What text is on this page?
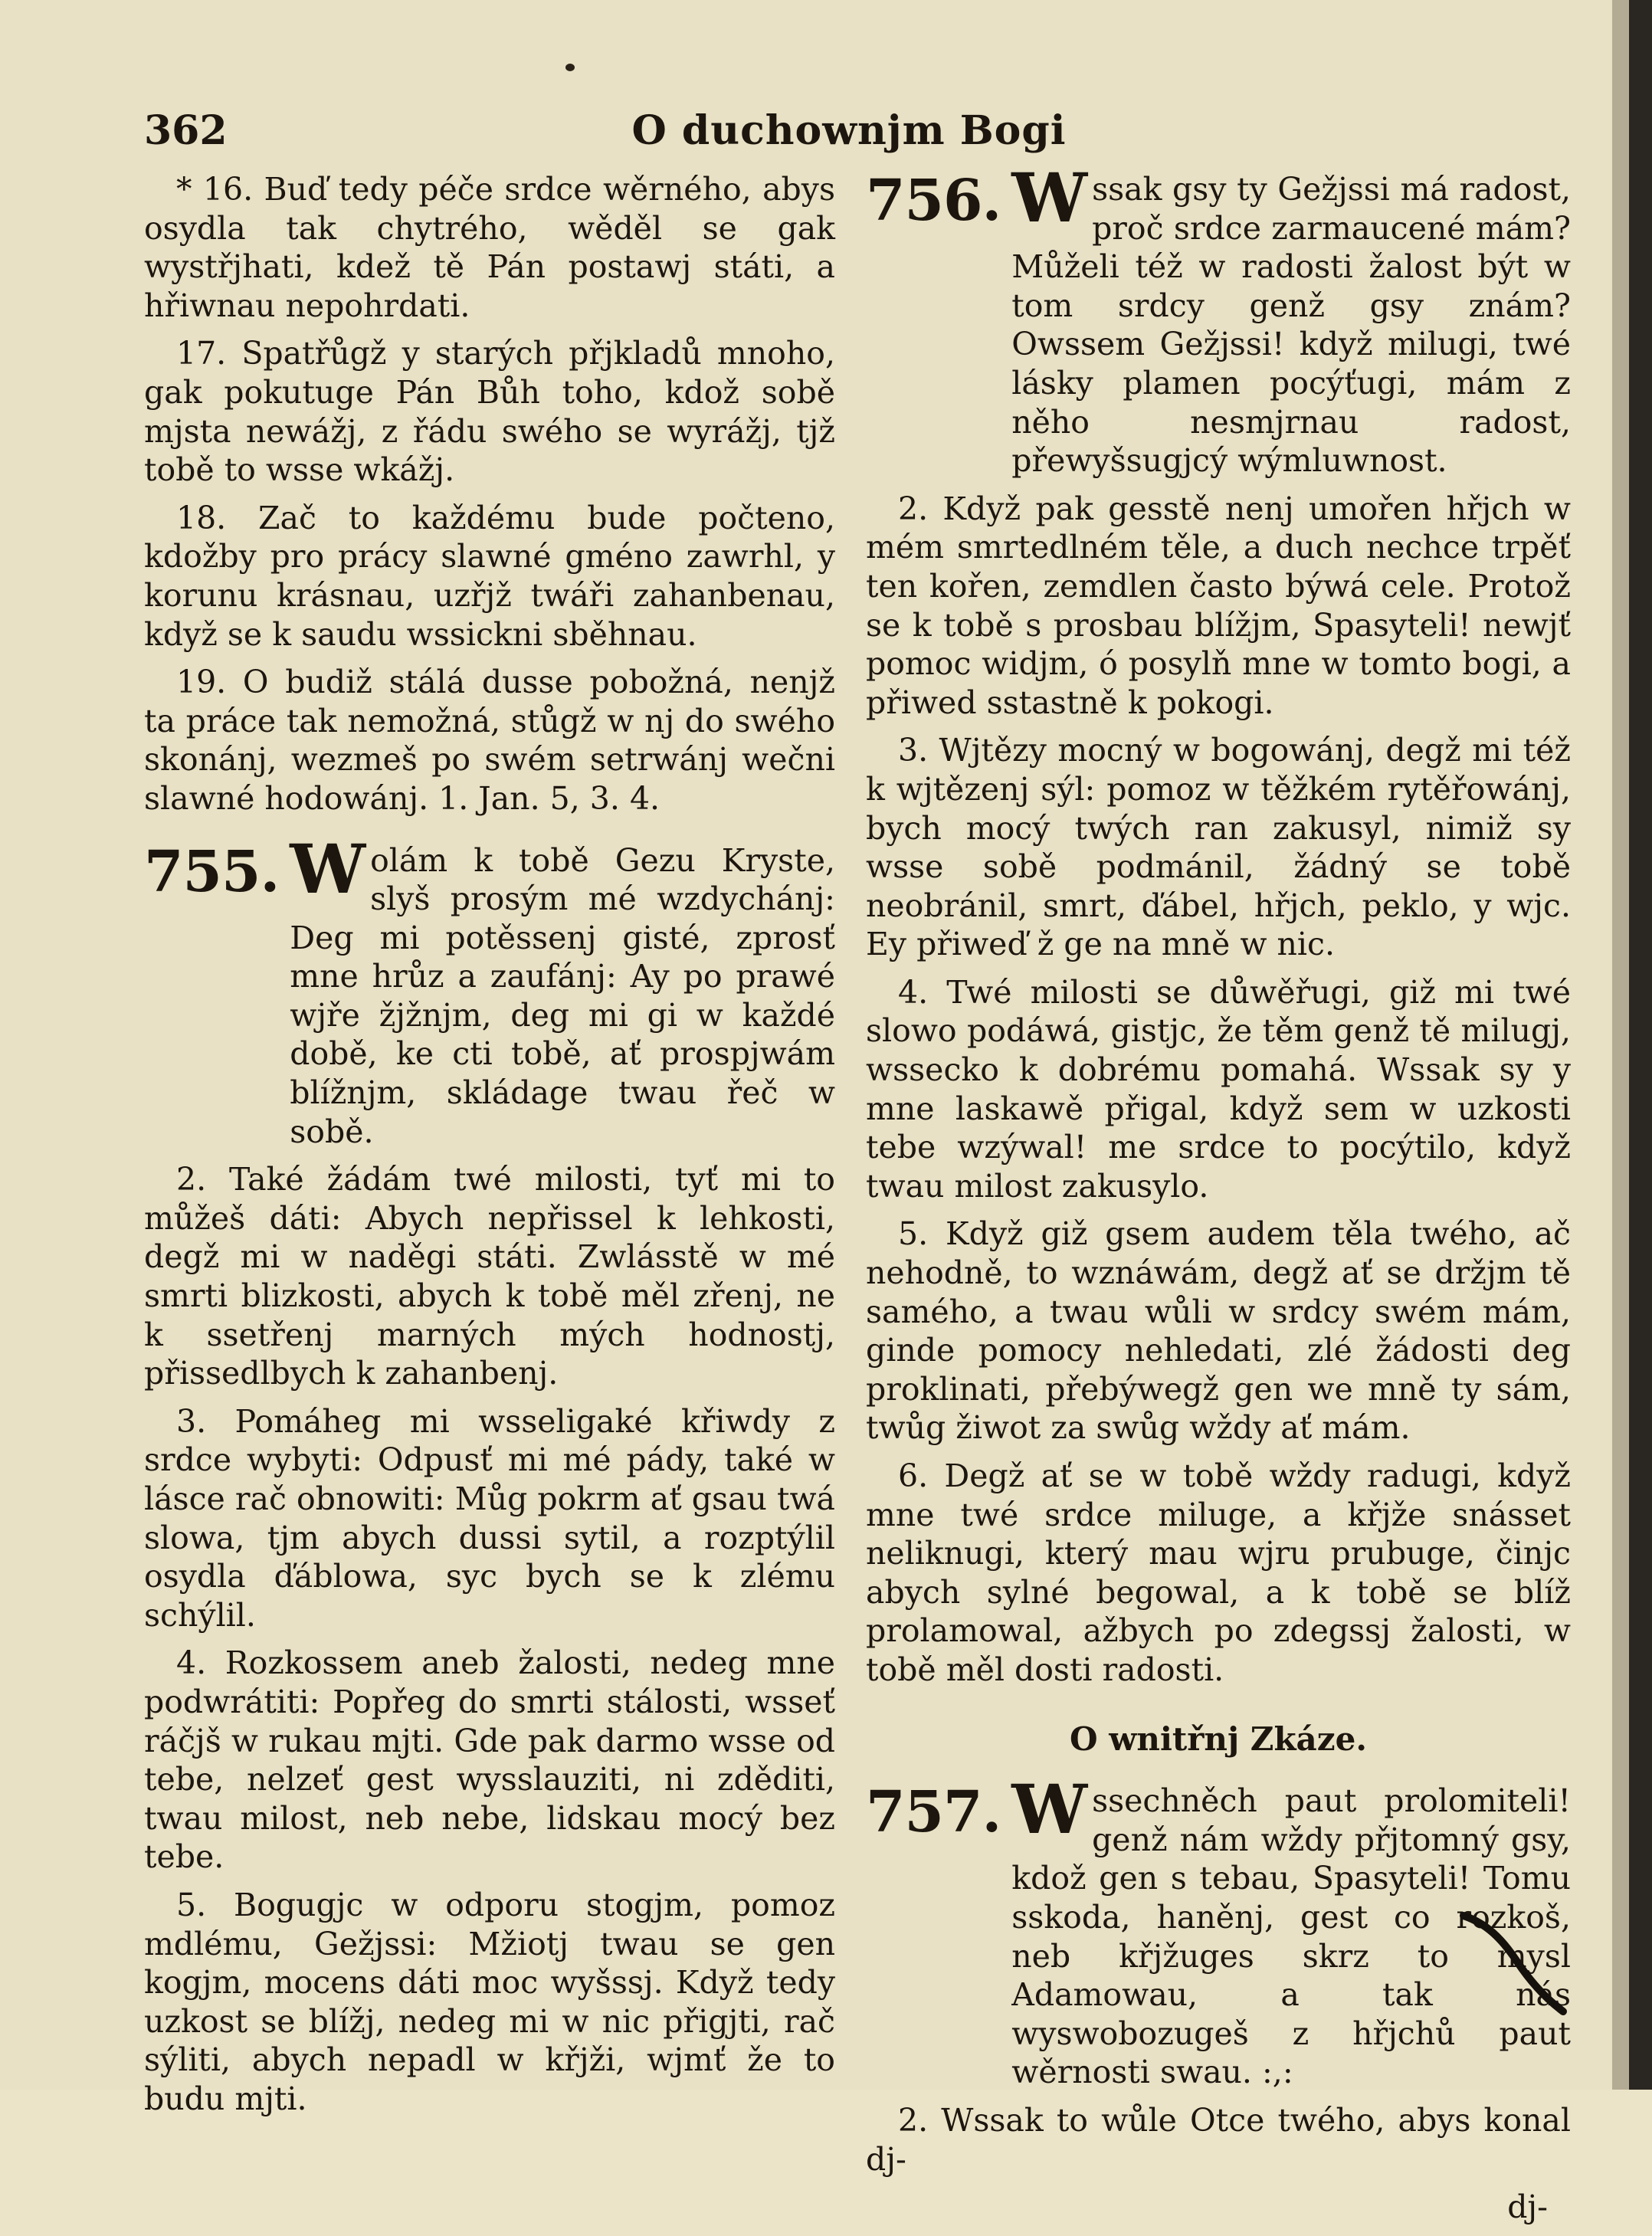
362	O duchownjm Bogi

* 16. Buď tedy péče srdce wěrného, abys osydla tak chytrého, wěděl se gak wystřjhati, kdež tě Pán postawj státi, a hřiwnau nepohrdati.

17. Spatřůgž y starých přjkladů mnoho, gak pokutuge Pán Bůh toho, kdož sobě mjsta newážj, z řádu swého se wyrážj, tjž tobě to wsse wkážj.

18. Zač to každému bude počteno, kdožby pro prácy slawné gméno zawrhl, y korunu krásnau, uzřjž twáři zahanbenau, když se k saudu wssickni sběhnau.

19. O budiž stálá dusse pobožná, nenjž ta práce tak nemožná, stůgž w nj do swého skonánj, wezmeš po swém setrwánj wečni slawné hodowánj. 1. Jan. 5, 3. 4.

755. Wolám k tobě Gezu Kryste, slyš prosým mé wzdychánj: Deg mi potěssenj gisté, zprosť mne hrůz a zaufánj: Ay po prawé wjře žjžnjm, deg mi gi w každé době, ke cti tobě, ať prospjwám blížnjm, skládage twau řeč w sobě.

2. Také žádám twé milosti, tyť mi to můžeš dáti: Abych nepřissel k lehkosti, degž mi w naděgi státi. Zwlásstě w mé smrti blizkosti, abych k tobě měl zřenj, ne k ssetřenj marných mých hodnostj, přissedlbych k zahanbenj.

3. Pomáheg mi wsseligaké křiwdy z srdce wybyti: Odpusť mi mé pády, také w lásce rač obnowiti: Můg pokrm ať gsau twá slowa, tjm abych dussi sytil, a rozptýlil osydla ďáblowa, syc bych se k zlému schýlil.

4. Rozkossem aneb žalosti, nedeg mne podwrátiti: Popřeg do smrti stálosti, wsseť ráčjš w rukau mjti. Gde pak darmo wsse od tebe, nelzeť gest wysslauziti, ni zděditi, twau milost, neb nebe, lidskau mocý bez tebe.

5. Bogugjc w odporu stogjm, pomoz mdlému, Gežjssi: Mžiotj twau se gen kogjm, mocens dáti moc wyšssj. Když tedy uzkost se blížj, nedeg mi w nic přigjti, rač sýliti, abych nepadl w křjži, wjmť že to budu mjti.

756. Wssak gsy ty Gežjssi má radost, proč srdce zarmaucené mám? Můželi též w radosti žalost být w tom srdcy genž gsy znám? Owssem Gežjssi! když milugi, twé lásky plamen pocýťugi, mám z něho nesmjrnau radost, přewyšsugjcý wýmluwnost.

2. Když pak gesstě nenj umořen hřjch w mém smrtedlném těle, a duch nechce trpěť ten kořen, zemdlen často býwá cele. Protož se k tobě s prosbau blížjm, Spasyteli! newjť pomoc widjm, ó posylň mne w tomto bogi, a přiwed sstastně k pokogi.

3. Wjtězy mocný w bogowánj, degž mi též k wjtězenj sýl: pomoz w těžkém rytěřowánj, bych mocý twých ran zakusyl, nimiž sy wsse sobě podmánil, žádný se tobě neobránil, smrt, ďábel, hřjch, peklo, y wjc. Ey přiweď ž ge na mně w nic.

4. Twé milosti se důwěřugi, giž mi twé slowo podáwá, gistjc, že těm genž tě milugj, wssecko k dobrému pomahá. Wssak sy y mne laskawě přigal, když sem w uzkosti tebe wzýwal! me srdce to pocýtilo, když twau milost zakusylo.

5. Když giž gsem audem těla twého, ač nehodně, to wznáwám, degž ať se držjm tě samého, a twau wůli w srdcy swém mám, ginde pomocy nehledati, zlé žádosti deg proklinati, přebýwegž gen we mně ty sám, twůg žiwot za swůg wždy ať mám.

6. Degž ať se w tobě wždy radugi, když mne twé srdce miluge, a křjže snásset neliknugi, který mau wjru prubuge, činjc abych sylné begowal, a k tobě se blíž prolamowal, ažbych po zdegssj žalosti, w tobě měl dosti radosti.

O wnitřnj Zkáze.
757. Wssechněch paut prolomiteli! genž nám wždy přjtomný gsy, kdož gen s tebau, Spasyteli! Tomu sskoda, haněnj, gest co rozkoš, neb křjžuges skrz to mysl Adamowau, a tak nás wyswobozugeš z hřjchů paut wěrnosti swau. :,:

2. Wssak to wůle Otce twého, abys konal dj-

dj-
